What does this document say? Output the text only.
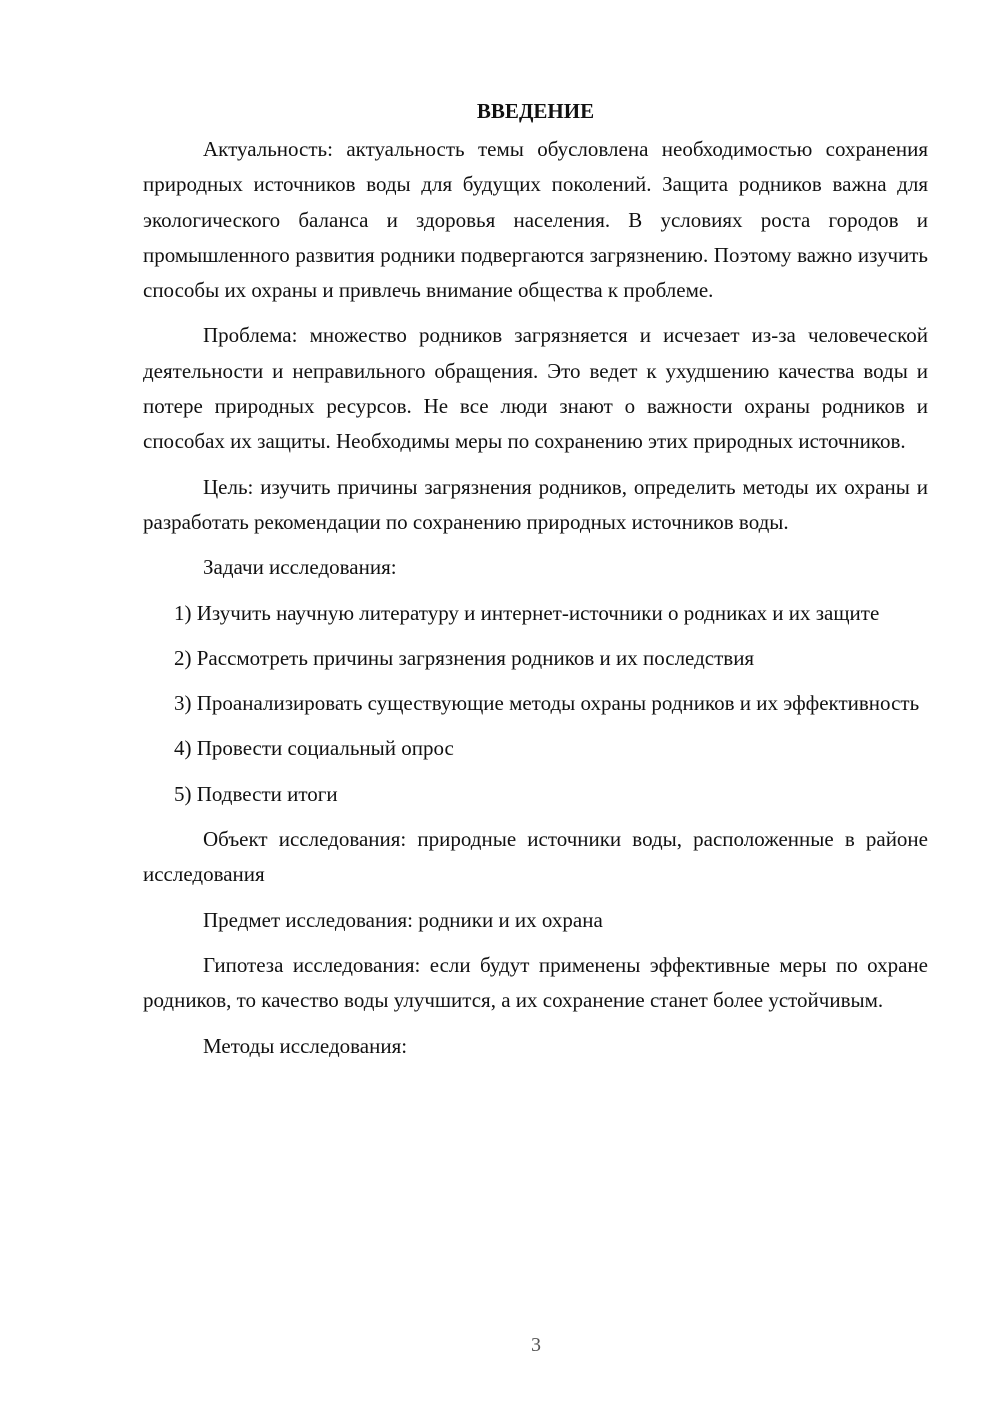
ВВЕДЕНИЕ

Актуальность: актуальность темы обусловлена необходимостью сохранения природных источников воды для будущих поколений. Защита родников важна для экологического баланса и здоровья населения. В условиях роста городов и промышленного развития родники подвергаются загрязнению. Поэтому важно изучить способы их охраны и привлечь внимание общества к проблеме.

Проблема: множество родников загрязняется и исчезает из-за человеческой деятельности и неправильного обращения. Это ведет к ухудшению качества воды и потере природных ресурсов. Не все люди знают о важности охраны родников и способах их защиты. Необходимы меры по сохранению этих природных источников.

Цель: изучить причины загрязнения родников, определить методы их охраны и разработать рекомендации по сохранению природных источников воды.

Задачи исследования:

1) Изучить научную литературу и интернет-источники о родниках и их защите

2) Рассмотреть причины загрязнения родников и их последствия

3) Проанализировать существующие методы охраны родников и их эффективность

4) Провести социальный опрос

5) Подвести итоги

Объект исследования: природные источники воды, расположенные в районе исследования

Предмет исследования: родники и их охрана

Гипотеза исследования: если будут применены эффективные меры по охране родников, то качество воды улучшится, а их сохранение станет более устойчивым.

Методы исследования:

3
